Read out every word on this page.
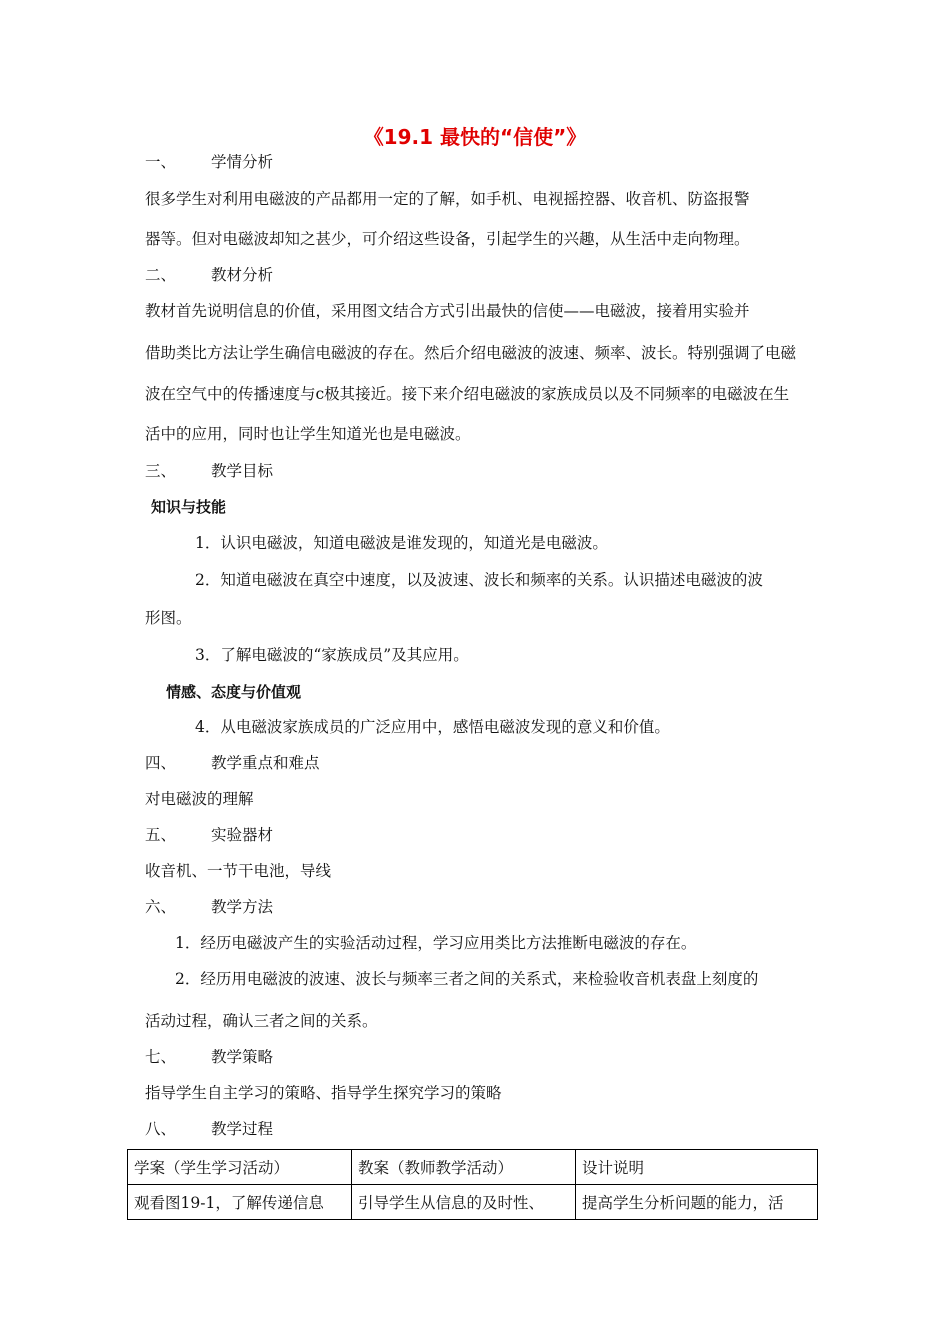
《19.1 最快的“信使”》
一、 学情分析
很多学生对利用电磁波的产品都用一定的了解，如手机、电视摇控器、收音机、防盗报警
器等。但对电磁波却知之甚少，可介绍这些设备，引起学生的兴趣，从生活中走向物理。
二、 教材分析
教材首先说明信息的价值，采用图文结合方式引出最快的信使——电磁波，接着用实验并
借助类比方法让学生确信电磁波的存在。然后介绍电磁波的波速、频率、波长。特别强调了电磁
波在空气中的传播速度与c极其接近。接下来介绍电磁波的家族成员以及不同频率的电磁波在生
活中的应用，同时也让学生知道光也是电磁波。
三、 教学目标
知识与技能
1．认识电磁波，知道电磁波是谁发现的，知道光是电磁波。
2．知道电磁波在真空中速度，以及波速、波长和频率的关系。认识描述电磁波的波
形图。
3．了解电磁波的“家族成员”及其应用。
情感、态度与价值观
4．从电磁波家族成员的广泛应用中，感悟电磁波发现的意义和价值。
四、 教学重点和难点
对电磁波的理解
五、 实验器材
收音机、一节干电池，导线
六、 教学方法
1．经历电磁波产生的实验活动过程，学习应用类比方法推断电磁波的存在。
2．经历用电磁波的波速、波长与频率三者之间的关系式，来检验收音机表盘上刻度的
活动过程，确认三者之间的关系。
七、 教学策略
指导学生自主学习的策略、指导学生探究学习的策略
八、 教学过程
学案（学生学习活动）	教案（教师教学活动）	设计说明
观看图19-1，了解传递信息	引导学生从信息的及时性、	提高学生分析问题的能力，活
